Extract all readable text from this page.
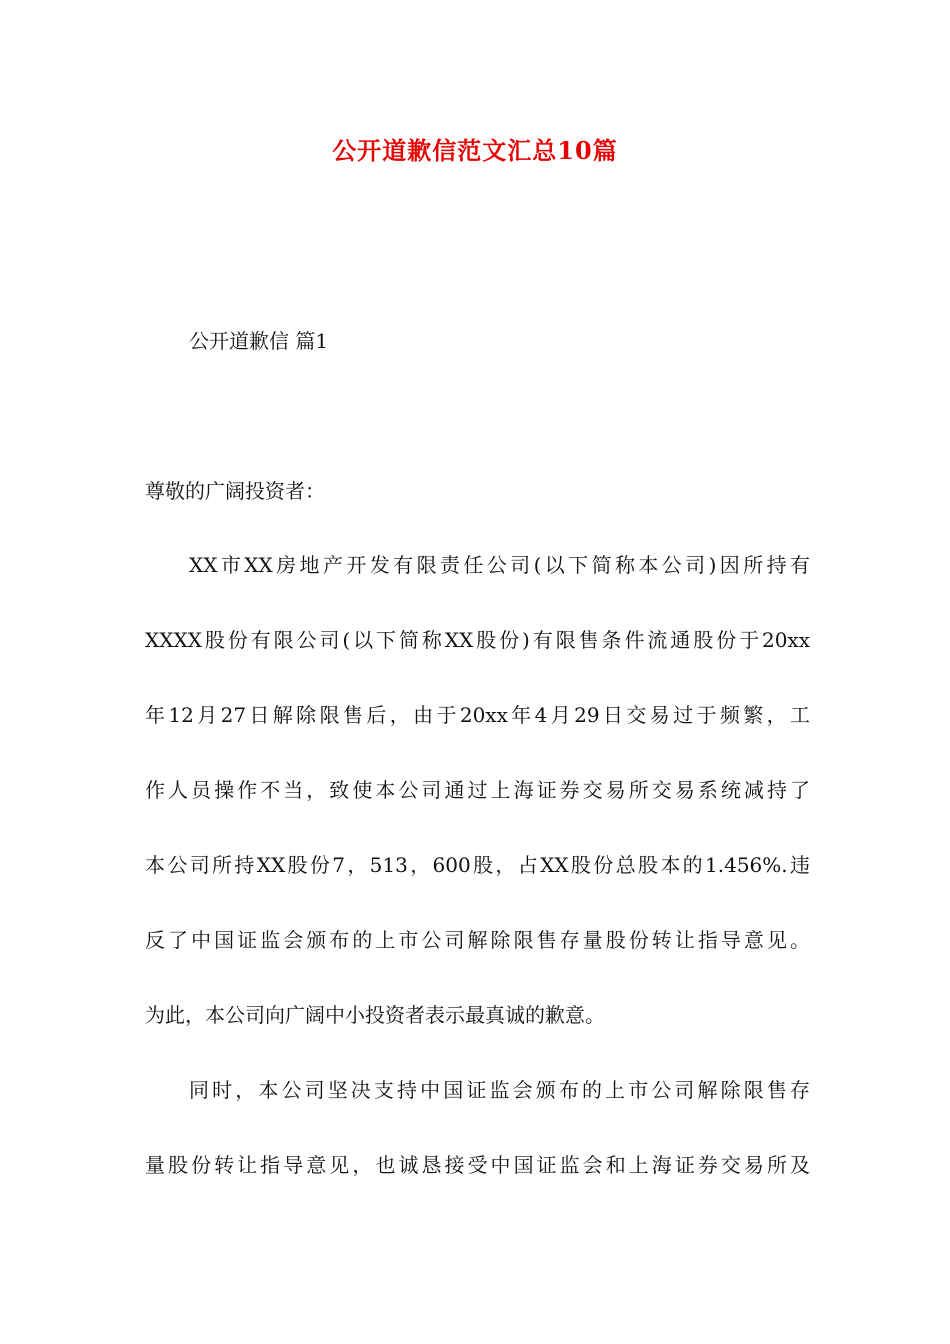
公开道歉信范文汇总10篇
公开道歉信 篇1
尊敬的广阔投资者：
XX市XX房地产开发有限责任公司(以下简称本公司)因所持有
XXXX股份有限公司(以下简称XX股份)有限售条件流通股份于20xx
年12月27日解除限售后，由于20xx年4月29日交易过于频繁，工
作人员操作不当，致使本公司通过上海证券交易所交易系统减持了
本公司所持XX股份7，513，600股，占XX股份总股本的1.456%.违
反了中国证监会颁布的上市公司解除限售存量股份转让指导意见。
为此，本公司向广阔中小投资者表示最真诚的歉意。
同时，本公司坚决支持中国证监会颁布的上市公司解除限售存
量股份转让指导意见，也诚恳接受中国证监会和上海证券交易所及
